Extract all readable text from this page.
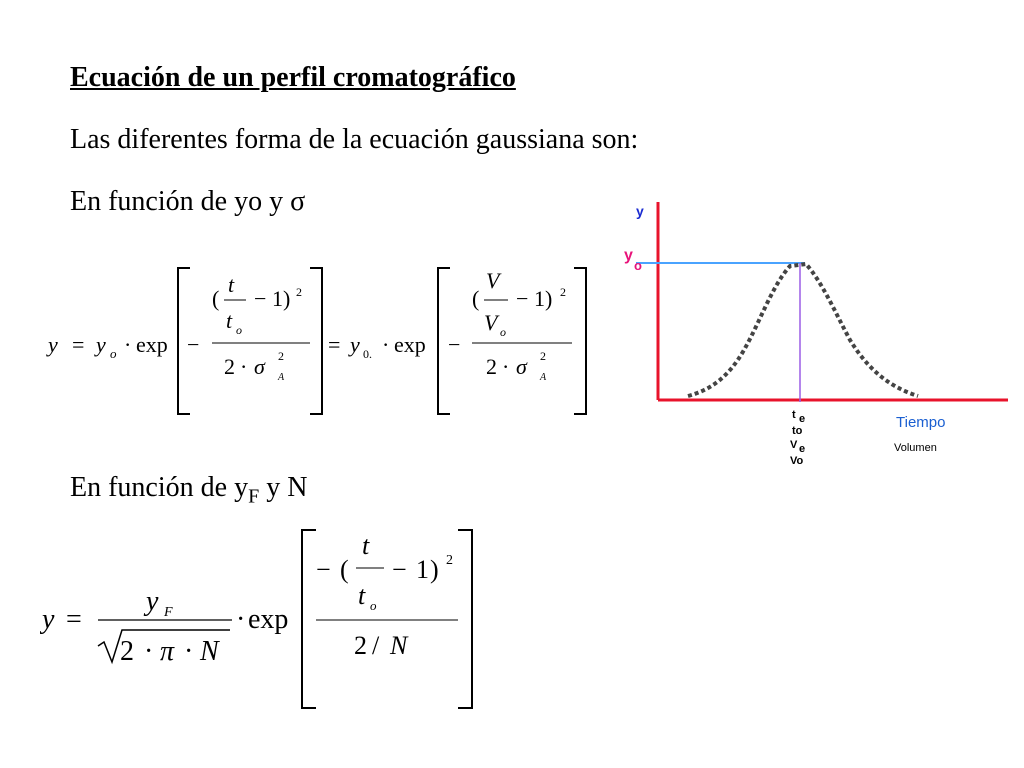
Ecuación de un perfil cromatográfico
Las diferentes forma de la ecuación gaussiana son:
En función de yo y σ
En función de $y_F$ y N
y = y o · exp −
(
t
t o
− 1 ) 2
2 · σ 2
A
= y 0. · exp −
(
V
V o
− 1 ) 2
2 · σ 2
A
y =
y F
2 · π · N
· exp
− (
t
t o
− 1 ) 2
2 / N
y
y
o
t e
to
V e
Vo
Tiempo
Volumen
